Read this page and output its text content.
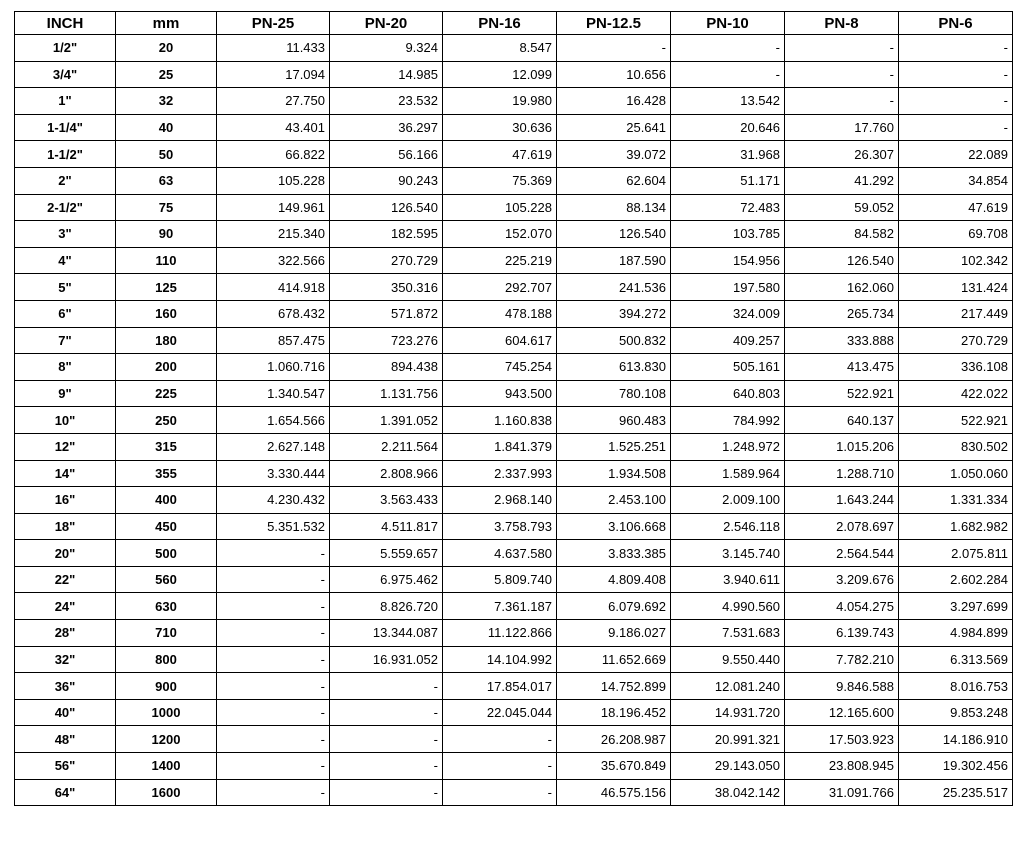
INCH	mm	PN-25	PN-20	PN-16	PN-12.5	PN-10	PN-8	PN-6
1/2"	20	11.433	9.324	8.547	-	-	-	-
3/4"	25	17.094	14.985	12.099	10.656	-	-	-
1"	32	27.750	23.532	19.980	16.428	13.542	-	-
1-1/4"	40	43.401	36.297	30.636	25.641	20.646	17.760	-
1-1/2"	50	66.822	56.166	47.619	39.072	31.968	26.307	22.089
2"	63	105.228	90.243	75.369	62.604	51.171	41.292	34.854
2-1/2"	75	149.961	126.540	105.228	88.134	72.483	59.052	47.619
3"	90	215.340	182.595	152.070	126.540	103.785	84.582	69.708
4"	110	322.566	270.729	225.219	187.590	154.956	126.540	102.342
5"	125	414.918	350.316	292.707	241.536	197.580	162.060	131.424
6"	160	678.432	571.872	478.188	394.272	324.009	265.734	217.449
7"	180	857.475	723.276	604.617	500.832	409.257	333.888	270.729
8"	200	1.060.716	894.438	745.254	613.830	505.161	413.475	336.108
9"	225	1.340.547	1.131.756	943.500	780.108	640.803	522.921	422.022
10"	250	1.654.566	1.391.052	1.160.838	960.483	784.992	640.137	522.921
12"	315	2.627.148	2.211.564	1.841.379	1.525.251	1.248.972	1.015.206	830.502
14"	355	3.330.444	2.808.966	2.337.993	1.934.508	1.589.964	1.288.710	1.050.060
16"	400	4.230.432	3.563.433	2.968.140	2.453.100	2.009.100	1.643.244	1.331.334
18"	450	5.351.532	4.511.817	3.758.793	3.106.668	2.546.118	2.078.697	1.682.982
20"	500	-	5.559.657	4.637.580	3.833.385	3.145.740	2.564.544	2.075.811
22"	560	-	6.975.462	5.809.740	4.809.408	3.940.611	3.209.676	2.602.284
24"	630	-	8.826.720	7.361.187	6.079.692	4.990.560	4.054.275	3.297.699
28"	710	-	13.344.087	11.122.866	9.186.027	7.531.683	6.139.743	4.984.899
32"	800	-	16.931.052	14.104.992	11.652.669	9.550.440	7.782.210	6.313.569
36"	900	-	-	17.854.017	14.752.899	12.081.240	9.846.588	8.016.753
40"	1000	-	-	22.045.044	18.196.452	14.931.720	12.165.600	9.853.248
48"	1200	-	-	-	26.208.987	20.991.321	17.503.923	14.186.910
56"	1400	-	-	-	35.670.849	29.143.050	23.808.945	19.302.456
64"	1600	-	-	-	46.575.156	38.042.142	31.091.766	25.235.517
